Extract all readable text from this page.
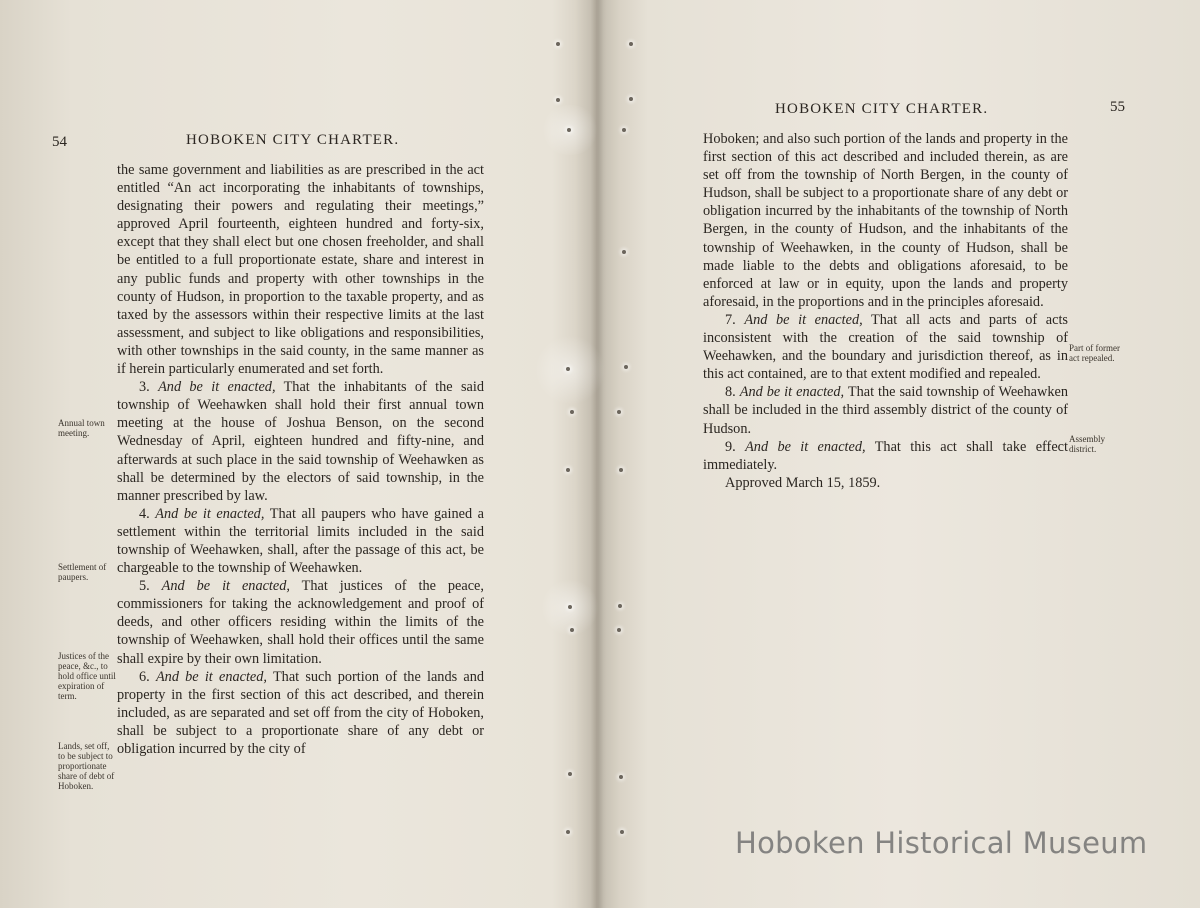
54	HOBOKEN CITY CHARTER.

the same government and liabilities as are prescribed in the act entitled “An act incorporating the inhabitants of townships, designating their powers and regulating their meetings,” approved April fourteenth, eighteen hundred and forty-six, except that they shall elect but one chosen freeholder, and shall be entitled to a full proportionate estate, share and interest in any public funds and property with other townships in the county of Hudson, in proportion to the taxable property, and as taxed by the assessors within their respective limits at the last assessment, and subject to like obligations and responsibilities, with other townships in the said county, in the same manner as if herein particularly enumerated and set forth.

3. And be it enacted, That the inhabitants of the said township of Weehawken shall hold their first annual town meeting at the house of Joshua Benson, on the second Wednesday of April, eighteen hundred and fifty-nine, and afterwards at such place in the said township of Weehawken as shall be determined by the electors of said township, in the manner prescribed by law.

4. And be it enacted, That all paupers who have gained a settlement within the territorial limits included in the said township of Weehawken, shall, after the passage of this act, be chargeable to the township of Weehawken.

5. And be it enacted, That justices of the peace, commissioners for taking the acknowledgement and proof of deeds, and other officers residing within the limits of the township of Weehawken, shall hold their offices until the same shall expire by their own limitation.

6. And be it enacted, That such portion of the lands and property in the first section of this act described, and therein included, as are separated and set off from the city of Hoboken, shall be subject to a proportionate share of any debt or obligation incurred by the city of

Annual town meeting.
Settlement of paupers.
Justices of the peace, &c., to hold office until expiration of term.
Lands, set off, to be subject to proportionate share of debt of Hoboken.
HOBOKEN CITY CHARTER.	55

Hoboken; and also such portion of the lands and property in the first section of this act described and included therein, as are set off from the township of North Bergen, in the county of Hudson, shall be subject to a proportionate share of any debt or obligation incurred by the inhabitants of the township of North Bergen, in the county of Hudson, and the inhabitants of the township of Weehawken, in the county of Hudson, shall be made liable to the debts and obligations aforesaid, to be enforced at law or in equity, upon the lands and property aforesaid, in the proportions and in the principles aforesaid.

7. And be it enacted, That all acts and parts of acts inconsistent with the creation of the said township of Weehawken, and the boundary and jurisdiction thereof, as in this act contained, are to that extent modified and repealed.

8. And be it enacted, That the said township of Weehawken shall be included in the third assembly district of the county of Hudson.

9. And be it enacted, That this act shall take effect immediately.

Approved March 15, 1859.

Part of former act repealed.
Assembly district.
Hoboken Historical Museum
